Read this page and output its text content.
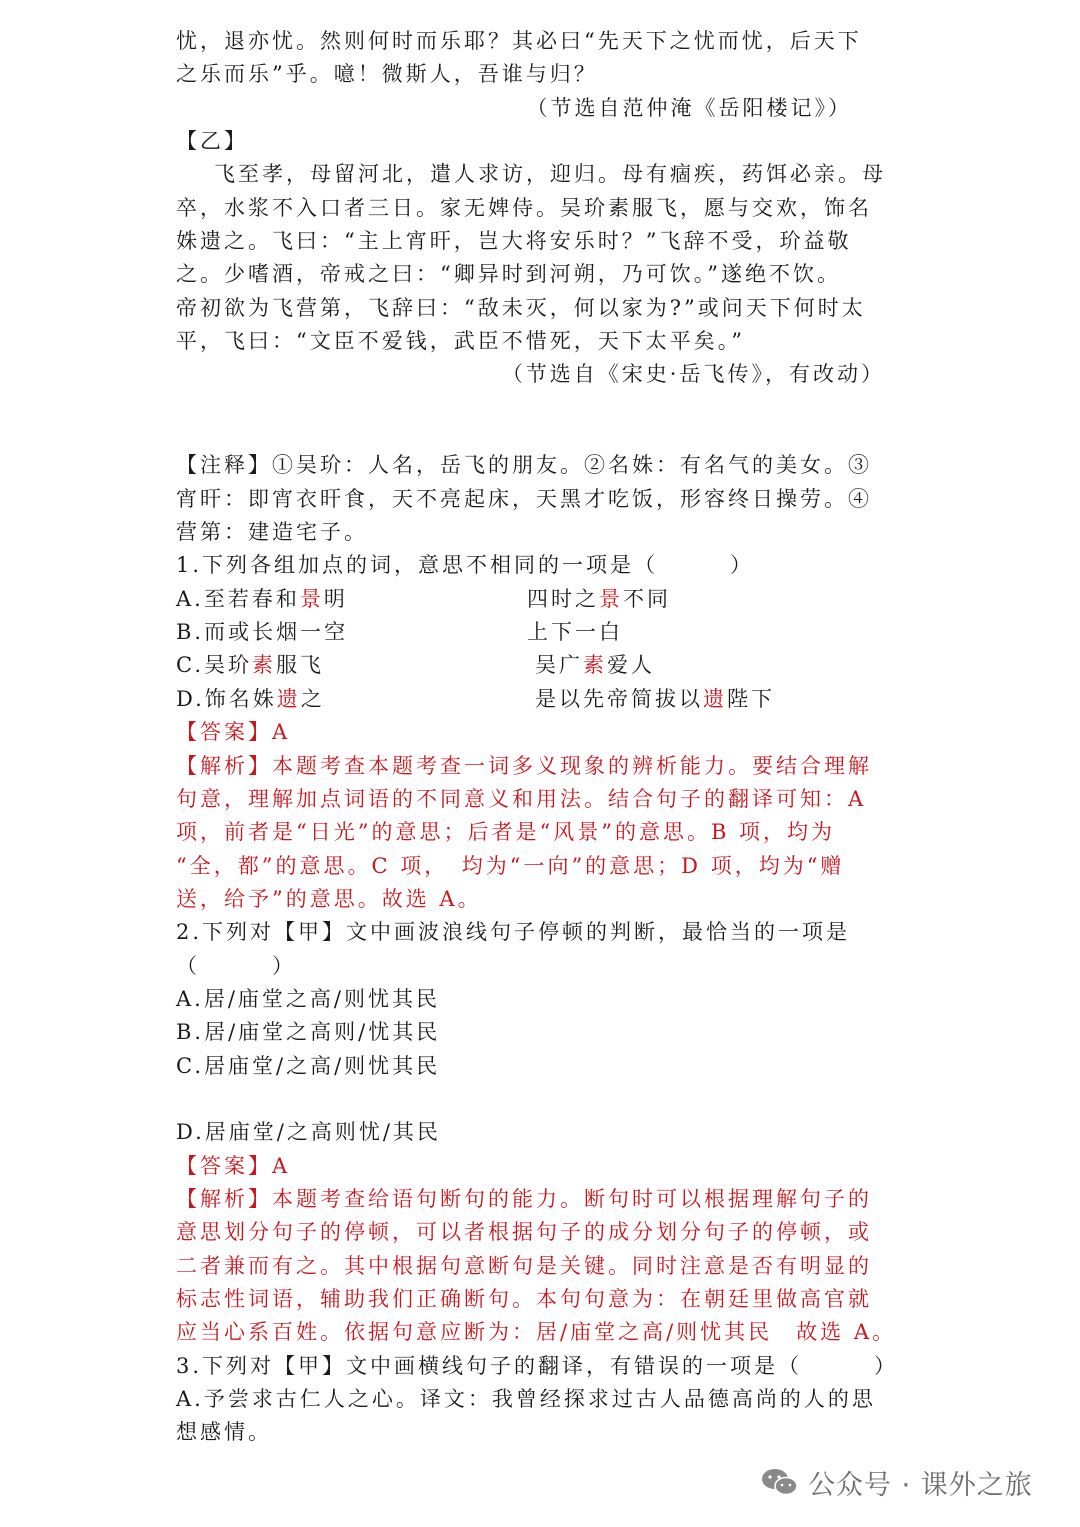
忧，退亦忧。然则何时而乐耶？其必曰“先天下之忧而忧，后天下

之乐而乐”乎。噫！微斯人，吾谁与归？

（节选自范仲淹《岳阳楼记》）

【乙】

飞至孝，母留河北，遣人求访，迎归。母有痼疾，药饵必亲。母

卒，水浆不入口者三日。家无婢侍。吴玠素服飞，愿与交欢，饰名

姝遗之。飞曰：“主上宵旰，岂大将安乐时？”飞辞不受，玠益敬

之。少嗜酒，帝戒之曰：“卿异时到河朔，乃可饮。”遂绝不饮。

帝初欲为飞营第，飞辞曰：“敌未灭，何以家为?”或问天下何时太

平，飞曰：“文臣不爱钱，武臣不惜死，天下太平矣。”

（节选自《宋史·岳飞传》，有改动）

【注释】①吴玠：人名，岳飞的朋友。②名姝：有名气的美女。③

宵旰：即宵衣旰食，天不亮起床，天黑才吃饭，形容终日操劳。④

营第：建造宅子。

1.下列各组加点的词，意思不相同的一项是（　　　）

A.至若春和景明	四时之景不同

B.而或长烟一空	上下一白

C.吴玠素服飞	吴广素爱人

D.饰名姝遗之	是以先帝简拔以遗陛下

【答案】A

【解析】本题考查本题考查一词多义现象的辨析能力。要结合理解

句意，理解加点词语的不同意义和用法。结合句子的翻译可知：A

项，前者是“日光”的意思；后者是“风景”的意思。B 项，均为

“全，都”的意思。C 项，　均为“一向”的意思；D 项，均为“赠

送，给予”的意思。故选 A。

2.下列对【甲】文中画波浪线句子停顿的判断，最恰当的一项是

（　　　）

A.居/庙堂之高/则忧其民

B.居/庙堂之高则/忧其民

C.居庙堂/之高/则忧其民

D.居庙堂/之高则忧/其民

【答案】A

【解析】本题考查给语句断句的能力。断句时可以根据理解句子的

意思划分句子的停顿，可以者根据句子的成分划分句子的停顿，或

二者兼而有之。其中根据句意断句是关键。同时注意是否有明显的

标志性词语，辅助我们正确断句。本句句意为：在朝廷里做高官就

应当心系百姓。依据句意应断为：居/庙堂之高/则忧其民　故选 A。

3.下列对【甲】文中画横线句子的翻译，有错误的一项是（　　　）

A.予尝求古仁人之心。译文：我曾经探求过古人品德高尚的人的思

想感情。

公众号 · 课外之旅
